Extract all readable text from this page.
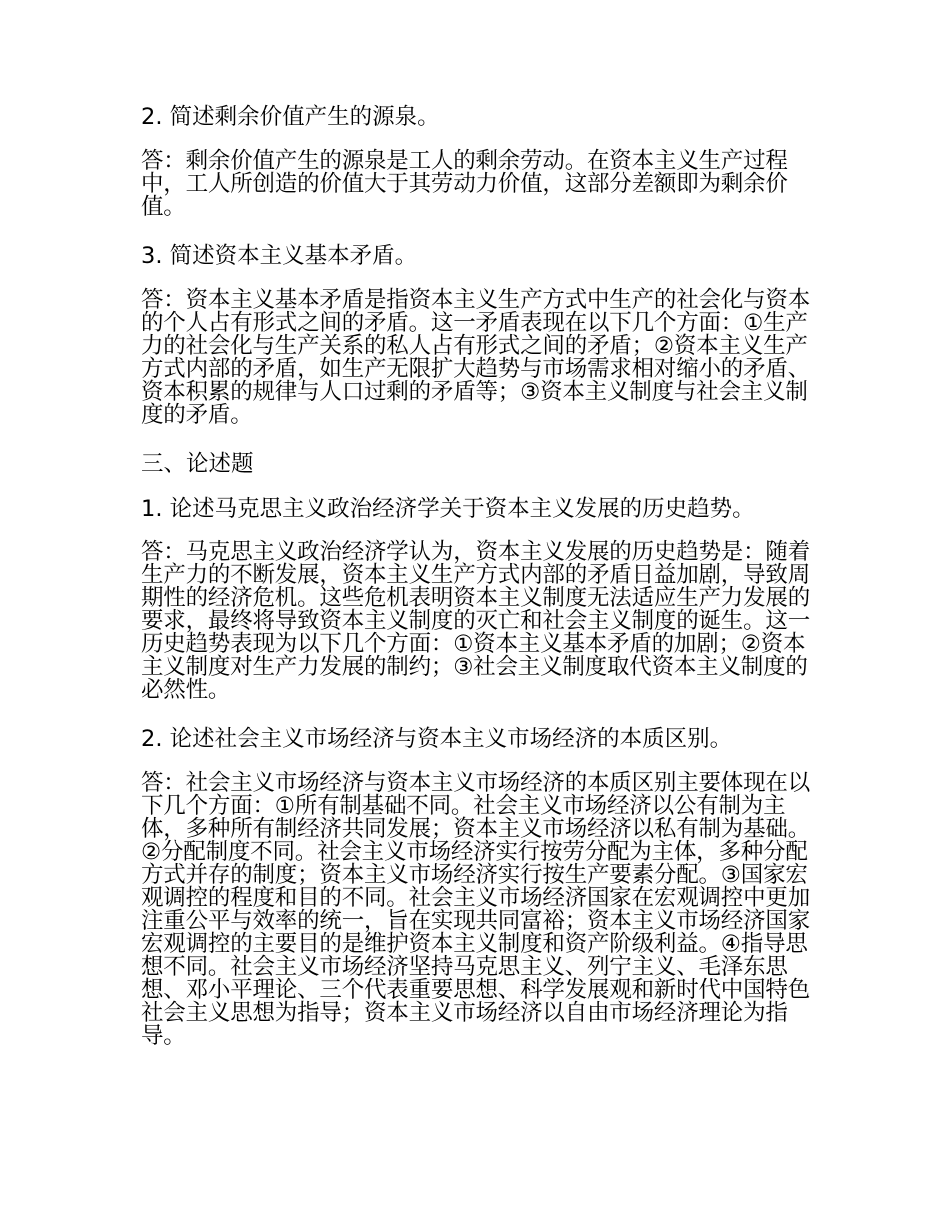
2. 简述剩余价值产生的源泉。

答：剩余价值产生的源泉是工人的剩余劳动。在资本主义生产过程中，工人所创造的价值大于其劳动力价值，这部分差额即为剩余价值。

3. 简述资本主义基本矛盾。

答：资本主义基本矛盾是指资本主义生产方式中生产的社会化与资本的个人占有形式之间的矛盾。这一矛盾表现在以下几个方面：①生产力的社会化与生产关系的私人占有形式之间的矛盾；②资本主义生产方式内部的矛盾，如生产无限扩大趋势与市场需求相对缩小的矛盾、资本积累的规律与人口过剩的矛盾等；③资本主义制度与社会主义制度的矛盾。

三、论述题

1. 论述马克思主义政治经济学关于资本主义发展的历史趋势。

答：马克思主义政治经济学认为，资本主义发展的历史趋势是：随着生产力的不断发展，资本主义生产方式内部的矛盾日益加剧，导致周期性的经济危机。这些危机表明资本主义制度无法适应生产力发展的要求，最终将导致资本主义制度的灭亡和社会主义制度的诞生。这一历史趋势表现为以下几个方面：①资本主义基本矛盾的加剧；②资本主义制度对生产力发展的制约；③社会主义制度取代资本主义制度的必然性。

2. 论述社会主义市场经济与资本主义市场经济的本质区别。

答：社会主义市场经济与资本主义市场经济的本质区别主要体现在以下几个方面：①所有制基础不同。社会主义市场经济以公有制为主体，多种所有制经济共同发展；资本主义市场经济以私有制为基础。②分配制度不同。社会主义市场经济实行按劳分配为主体，多种分配方式并存的制度；资本主义市场经济实行按生产要素分配。③国家宏观调控的程度和目的不同。社会主义市场经济国家在宏观调控中更加注重公平与效率的统一，旨在实现共同富裕；资本主义市场经济国家宏观调控的主要目的是维护资本主义制度和资产阶级利益。④指导思想不同。社会主义市场经济坚持马克思主义、列宁主义、毛泽东思想、邓小平理论、三个代表重要思想、科学发展观和新时代中国特色社会主义思想为指导；资本主义市场经济以自由市场经济理论为指导。
